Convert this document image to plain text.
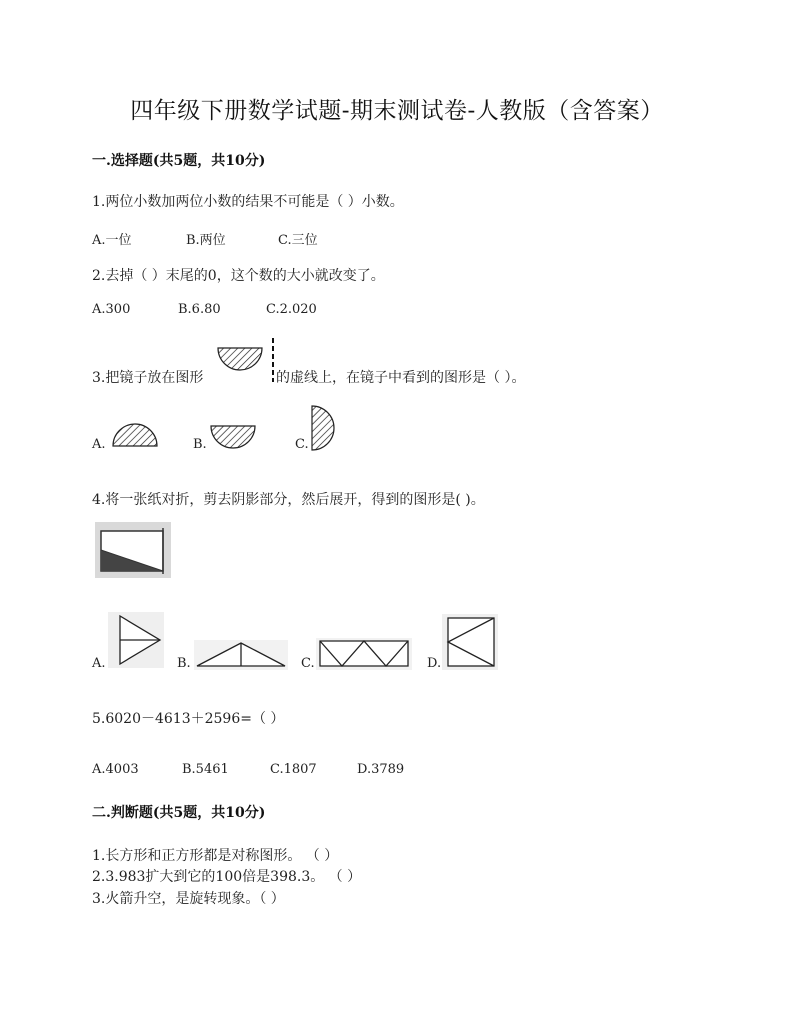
四年级下册数学试题-期末测试卷-人教版（含答案）
一.选择题(共5题，共10分)
1.两位小数加两位小数的结果不可能是（ ）小数。
A.一位	B.两位	C.三位
2.去掉（ ）末尾的0，这个数的大小就改变了。
A.300	B.6.80	C.2.020
3.把镜子放在图形	的虚线上，在镜子中看到的图形是（ ）。
A.	B.	C.
4.将一张纸对折，剪去阴影部分，然后展开，得到的图形是( )。
A.	B.	C.	D.
5.6020－4613＋2596=（ ）
A.4003	B.5461	C.1807	D.3789
二.判断题(共5题，共10分)
1.长方形和正方形都是对称图形。 （ ）
2.3.983扩大到它的100倍是398.3。 （ ）
3.火箭升空，是旋转现象。（ ）
